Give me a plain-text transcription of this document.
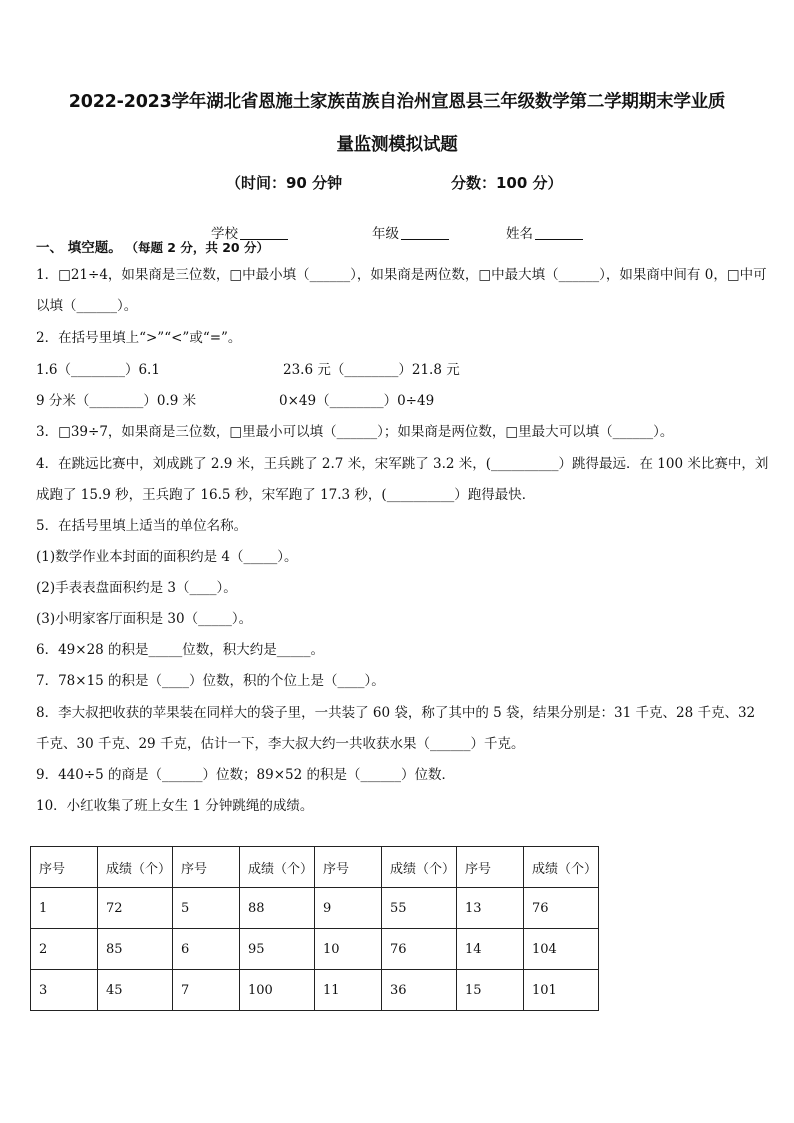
2022-2023学年湖北省恩施土家族苗族自治州宣恩县三年级数学第二学期期末学业质
量监测模拟试题
（时间：90 分钟	分数：100 分）
学校	年级	姓名
一、 填空题。 （每题 2 分，共 20 分）
1．□21÷4，如果商是三位数，□中最小填（______），如果商是两位数，□中最大填（______），如果商中间有 0，□中可
以填（______）。
2．在括号里填上“>”“<”或“=”。
1.6（________）6.1	23.6 元（________）21.8 元
9 分米（________）0.9 米	0×49（________）0÷49
3．□39÷7，如果商是三位数，□里最小可以填（______）；如果商是两位数，□里最大可以填（______）。
4．在跳远比赛中，刘成跳了 2.9 米，王兵跳了 2.7 米，宋军跳了 3.2 米，(__________）跳得最远．在 100 米比赛中，刘
成跑了 15.9 秒，王兵跑了 16.5 秒，宋军跑了 17.3 秒，(__________）跑得最快．
5．在括号里填上适当的单位名称。
(1)数学作业本封面的面积约是 4（_____）。
(2)手表表盘面积约是 3（____）。
(3)小明家客厅面积是 30（_____）。
6．49×28 的积是_____位数，积大约是_____。
7．78×15 的积是（____）位数，积的个位上是（____）。
8．李大叔把收获的苹果装在同样大的袋子里，一共装了 60 袋，称了其中的 5 袋，结果分别是：31 千克、28 千克、32
千克、30 千克、29 千克，估计一下，李大叔大约一共收获水果（______）千克。
9．440÷5 的商是（______）位数；89×52 的积是（______）位数．
10．小红收集了班上女生 1 分钟跳绳的成绩。
序号	成绩（个）	序号	成绩（个）	序号	成绩（个）	序号	成绩（个）
1	72	5	88	9	55	13	76
2	85	6	95	10	76	14	104
3	45	7	100	11	36	15	101
